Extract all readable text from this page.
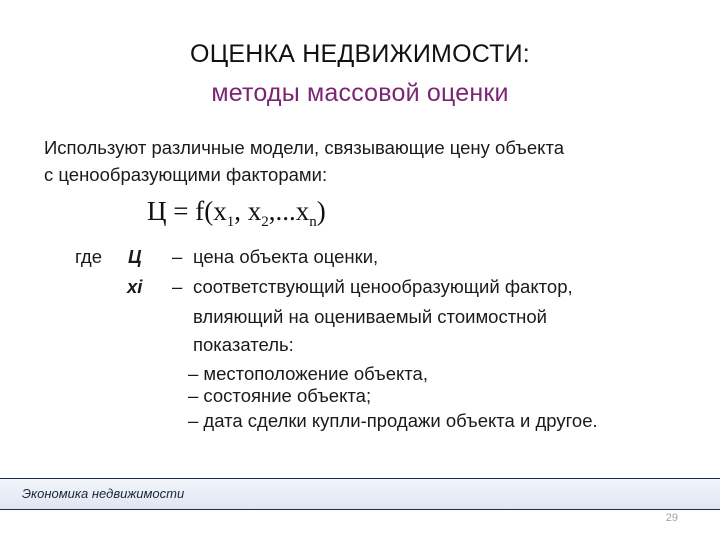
ОЦЕНКА НЕДВИЖИМОСТИ:
методы массовой оценки
Используют различные модели, связывающие цену объекта
с ценообразующими факторами:
$Ц = f(x_1$, $x_2,...x_n$)
где Ц – цена объекта оценки,
xi – соответствующий ценообразующий фактор,
влияющий на оцениваемый стоимостной
показатель:
– местоположение объекта,
– состояние объекта;
– дата сделки купли-продажи объекта и другое.
Экономика недвижимости
29
